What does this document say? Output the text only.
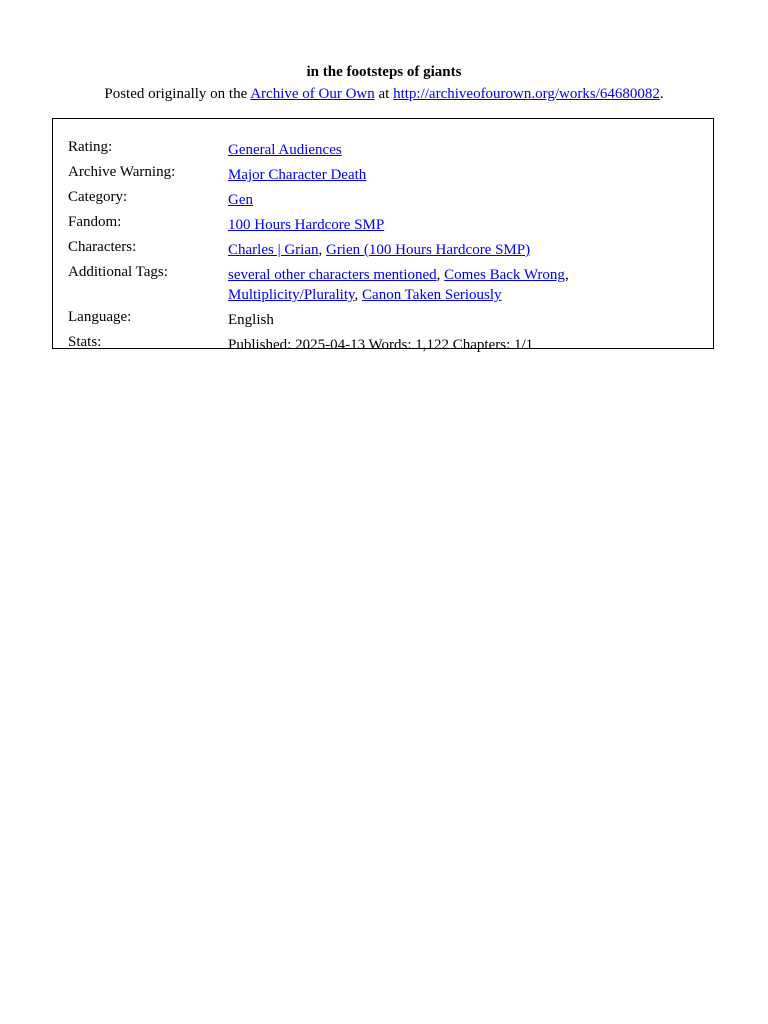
in the footsteps of giants

Posted originally on the Archive of Our Own at http://archiveofourown.org/works/64680082.

Rating:	General Audiences
Archive Warning:	Major Character Death
Category:	Gen
Fandom:	100 Hours Hardcore SMP
Characters:	Charles | Grian, Grien (100 Hours Hardcore SMP)
Additional Tags:	several other characters mentioned, Comes Back Wrong,
Multiplicity/Plurality, Canon Taken Seriously
Language:	English
Stats:	Published: 2025-04-13 Words: 1,122 Chapters: 1/1
